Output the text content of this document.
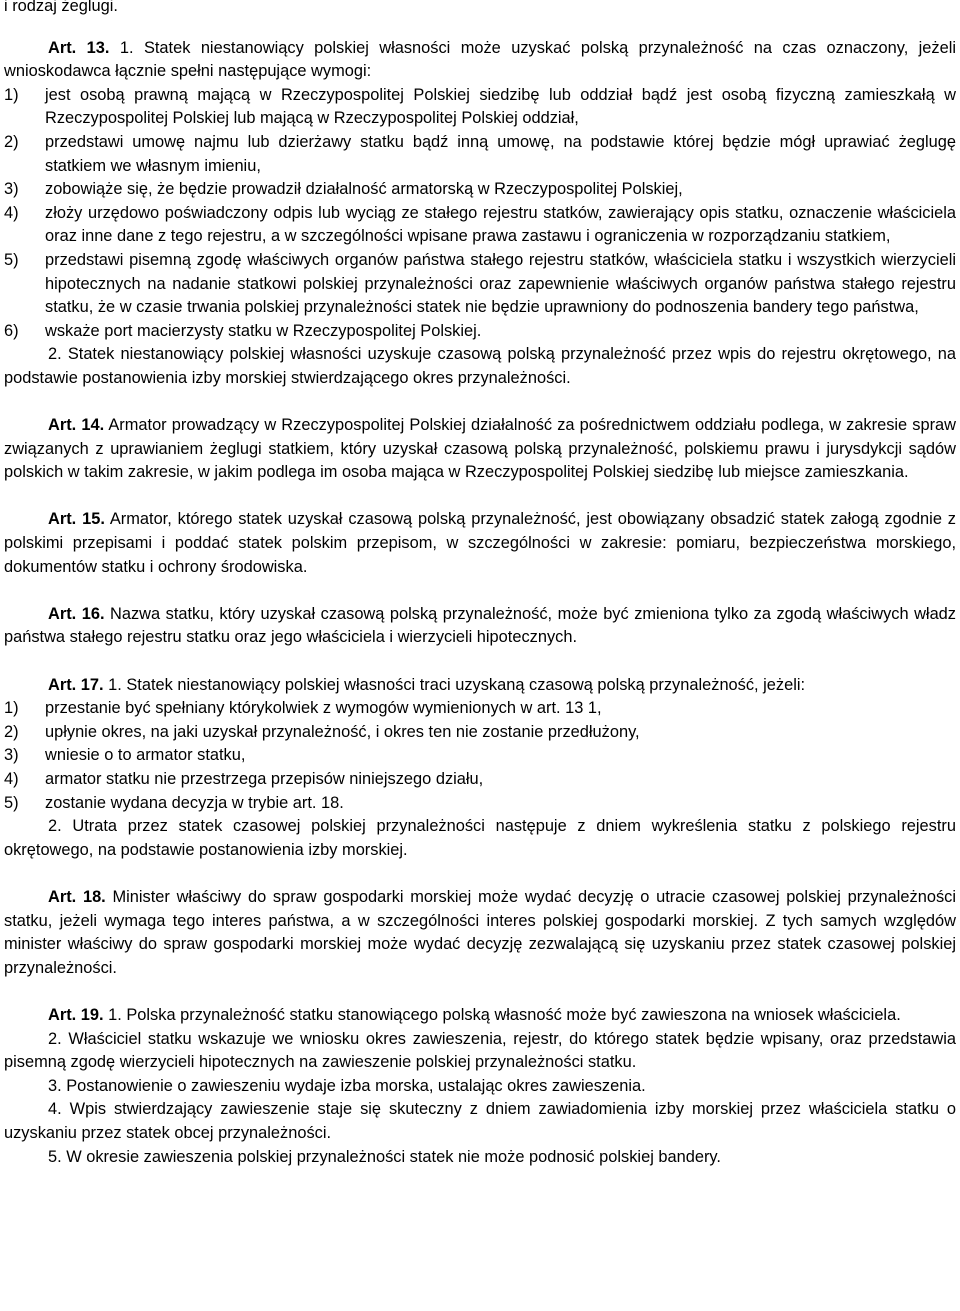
i rodzaj żeglugi.

Art. 13. 1. Statek niestanowiący polskiej własności może uzyskać polską przynależność na czas oznaczony, jeżeli wnioskodawca łącznie spełni następujące wymogi:

1) jest osobą prawną mającą w Rzeczypospolitej Polskiej siedzibę lub oddział bądź jest osobą fizyczną zamieszkałą w Rzeczypospolitej Polskiej lub mającą w Rzeczypospolitej Polskiej oddział,
2) przedstawi umowę najmu lub dzierżawy statku bądź inną umowę, na podstawie której będzie mógł uprawiać żeglugę statkiem we własnym imieniu,
3) zobowiąże się, że będzie prowadził działalność armatorską w Rzeczypospolitej Polskiej,
4) złoży urzędowo poświadczony odpis lub wyciąg ze stałego rejestru statków, zawierający opis statku, oznaczenie właściciela oraz inne dane z tego rejestru, a w szczególności wpisane prawa zastawu i ograniczenia w rozporządzaniu statkiem,
5) przedstawi pisemną zgodę właściwych organów państwa stałego rejestru statków, właściciela statku i wszystkich wierzycieli hipotecznych na nadanie statkowi polskiej przynależności oraz zapewnienie właściwych organów państwa stałego rejestru statku, że w czasie trwania polskiej przynależności statek nie będzie uprawniony do podnoszenia bandery tego państwa,
6) wskaże port macierzysty statku w Rzeczypospolitej Polskiej.

2. Statek niestanowiący polskiej własności uzyskuje czasową polską przynależność przez wpis do rejestru okrętowego, na podstawie postanowienia izby morskiej stwierdzającego okres przynależności.

Art. 14. Armator prowadzący w Rzeczypospolitej Polskiej działalność za pośrednictwem oddziału podlega, w zakresie spraw związanych z uprawianiem żeglugi statkiem, który uzyskał czasową polską przynależność, polskiemu prawu i jurysdykcji sądów polskich w takim zakresie, w jakim podlega im osoba mająca w Rzeczypospolitej Polskiej siedzibę lub miejsce zamieszkania.

Art. 15. Armator, którego statek uzyskał czasową polską przynależność, jest obowiązany obsadzić statek załogą zgodnie z polskimi przepisami i poddać statek polskim przepisom, w szczególności w zakresie: pomiaru, bezpieczeństwa morskiego, dokumentów statku i ochrony środowiska.

Art. 16. Nazwa statku, który uzyskał czasową polską przynależność, może być zmieniona tylko za zgodą właściwych władz państwa stałego rejestru statku oraz jego właściciela i wierzycieli hipotecznych.

Art. 17. 1. Statek niestanowiący polskiej własności traci uzyskaną czasową polską przynależność, jeżeli:

1) przestanie być spełniany którykolwiek z wymogów wymienionych w art. 13 1,
2) upłynie okres, na jaki uzyskał przynależność, i okres ten nie zostanie przedłużony,
3) wniesie o to armator statku,
4) armator statku nie przestrzega przepisów niniejszego działu,
5) zostanie wydana decyzja w trybie art. 18.

2. Utrata przez statek czasowej polskiej przynależności następuje z dniem wykreślenia statku z polskiego rejestru okrętowego, na podstawie postanowienia izby morskiej.

Art. 18. Minister właściwy do spraw gospodarki morskiej może wydać decyzję o utracie czasowej polskiej przynależności statku, jeżeli wymaga tego interes państwa, a w szczególności interes polskiej gospodarki morskiej. Z tych samych względów minister właściwy do spraw gospodarki morskiej może wydać decyzję zezwalającą się uzyskaniu przez statek czasowej polskiej przynależności.

Art. 19. 1. Polska przynależność statku stanowiącego polską własność może być zawieszona na wniosek właściciela.

2. Właściciel statku wskazuje we wniosku okres zawieszenia, rejestr, do którego statek będzie wpisany, oraz przedstawia pisemną zgodę wierzycieli hipotecznych na zawieszenie polskiej przynależności statku.

3. Postanowienie o zawieszeniu wydaje izba morska, ustalając okres zawieszenia.

4. Wpis stwierdzający zawieszenie staje się skuteczny z dniem zawiadomienia izby morskiej przez właściciela statku o uzyskaniu przez statek obcej przynależności.

5. W okresie zawieszenia polskiej przynależności statek nie może podnosić polskiej bandery.
